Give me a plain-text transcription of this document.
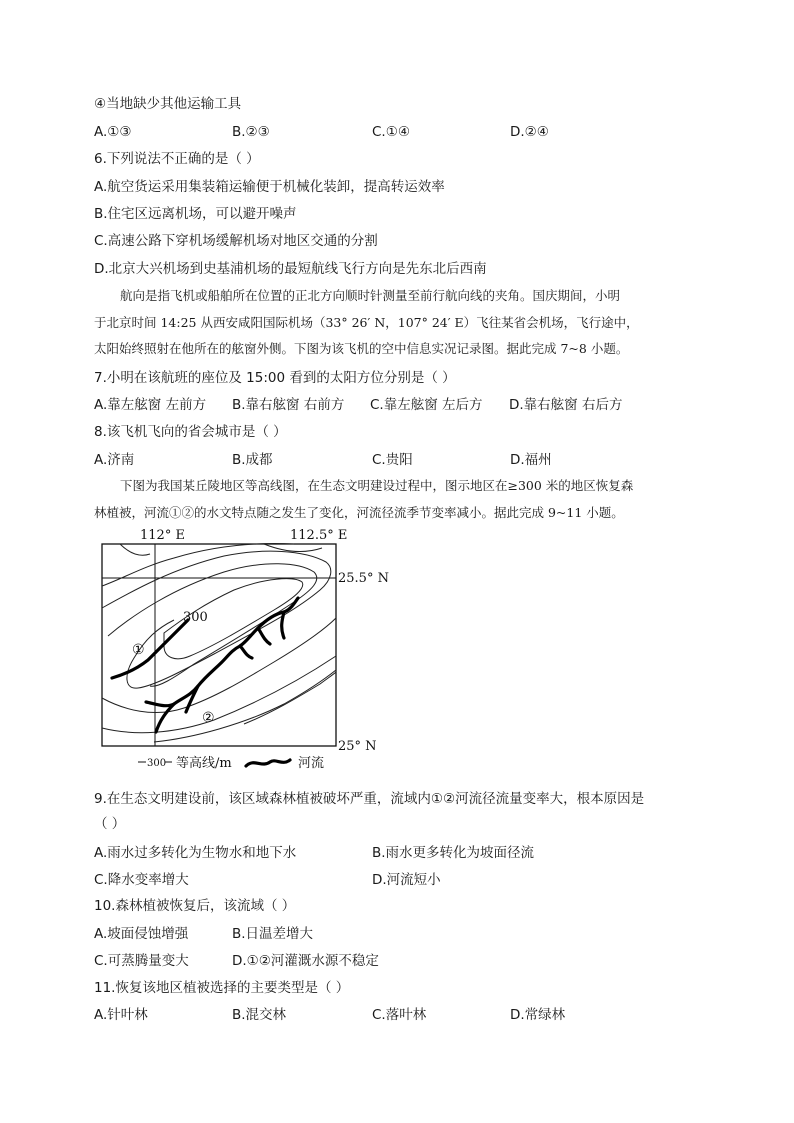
④当地缺少其他运输工具
A.①③	B.②③	C.①④	D.②④
6.下列说法不正确的是（ ）
A.航空货运采用集装箱运输便于机械化装卸，提高转运效率
B.住宅区远离机场，可以避开噪声
C.高速公路下穿机场缓解机场对地区交通的分割
D.北京大兴机场到史基浦机场的最短航线飞行方向是先东北后西南
航向是指飞机或船舶所在位置的正北方向顺时针测量至前行航向线的夹角。国庆期间，小明
于北京时间 14:25 从西安咸阳国际机场（33° 26′ N，107° 24′ E）飞往某省会机场，飞行途中，
太阳始终照射在他所在的舷窗外侧。下图为该飞机的空中信息实况记录图。据此完成 7~8 小题。
7.小明在该航班的座位及 15:00 看到的太阳方位分别是（ ）
A.靠左舷窗 左前方 B.靠右舷窗 右前方 C.靠左舷窗 左后方 D.靠右舷窗 右后方
8.该飞机飞向的省会城市是（ ）
A.济南	B.成都	C.贵阳	D.福州
下图为我国某丘陵地区等高线图，在生态文明建设过程中，图示地区在≥300 米的地区恢复森
林植被，河流①②的水文特点随之发生了变化，河流径流季节变率减小。据此完成 9~11 小题。
112° E	112.5° E
25.5° N
25° N
300
①
②
300 等高线/m	河流
9.在生态文明建设前，该区域森林植被破坏严重，流域内①②河流径流量变率大，根本原因是
（ ）
A.雨水过多转化为生物水和地下水	B.雨水更多转化为坡面径流
C.降水变率增大	D.河流短小
10.森林植被恢复后，该流域（ ）
A.坡面侵蚀增强	B.日温差增大
C.可蒸腾量变大	D.①②河灌溉水源不稳定
11.恢复该地区植被选择的主要类型是（ ）
A.针叶林	B.混交林	C.落叶林	D.常绿林
